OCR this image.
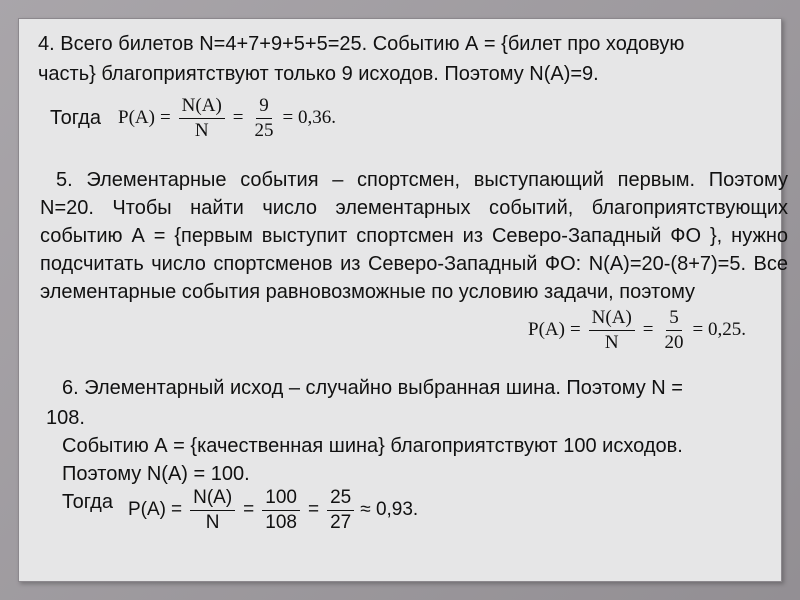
4. Всего билетов N=4+7+9+5+5=25. Событию А = {билет про ходовую
часть} благоприятствуют только 9 исходов. Поэтому N(A)=9.
Тогда $P(A) = \frac{N(A)}{N} = \frac{9}{25} = 0,36$.
5. Элементарные события – спортсмен, выступающий первым. Поэтому N=20. Чтобы найти число элементарных событий, благоприятствующих событию А = {первым выступит спортсмен из Северо-Западный ФО }, нужно подсчитать число спортсменов из Северо-Западный ФО: N(A)=20-(8+7)=5. Все элементарные события равновозможные по условию задачи, поэтому
$P(A) = \frac{N(A)}{N} = \frac{5}{20} = 0,25$.
6. Элементарный исход – случайно выбранная шина. Поэтому N =
108.
Событию А = {качественная шина} благоприятствуют 100 исходов.
Поэтому N(A) = 100.
Тогда $P(A) = \frac{N(A)}{N} = \frac{100}{108} = \frac{25}{27} \approx 0,93$.
